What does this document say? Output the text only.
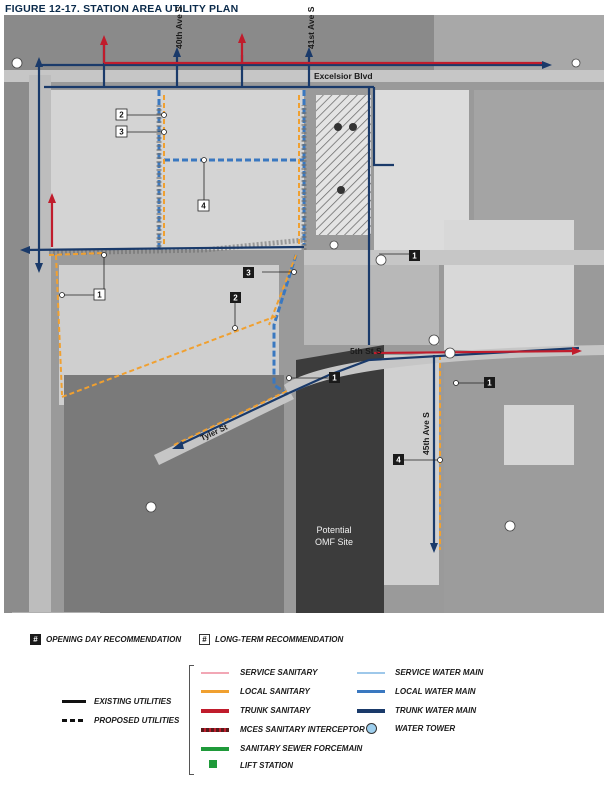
FIGURE 12-17. STATION AREA UTILITY PLAN
Potential
OMF Site
Excelsior Blvd
40th Ave S	41st Ave S
45th Ave S
5th St S
Tyler St
2
3
4
1	2
3
1
1
1
4
#	OPENING DAY RECOMMENDATION	#	LONG-TERM RECOMMENDATION
EXISTING UTILITIES
PROPOSED UTILITIES
SERVICE SANITARY
LOCAL SANITARY
TRUNK SANITARY
MCES SANITARY INTERCEPTOR
SANITARY SEWER FORCEMAIN
LIFT STATION
SERVICE WATER MAIN
LOCAL WATER MAIN
TRUNK WATER MAIN
WATER TOWER
